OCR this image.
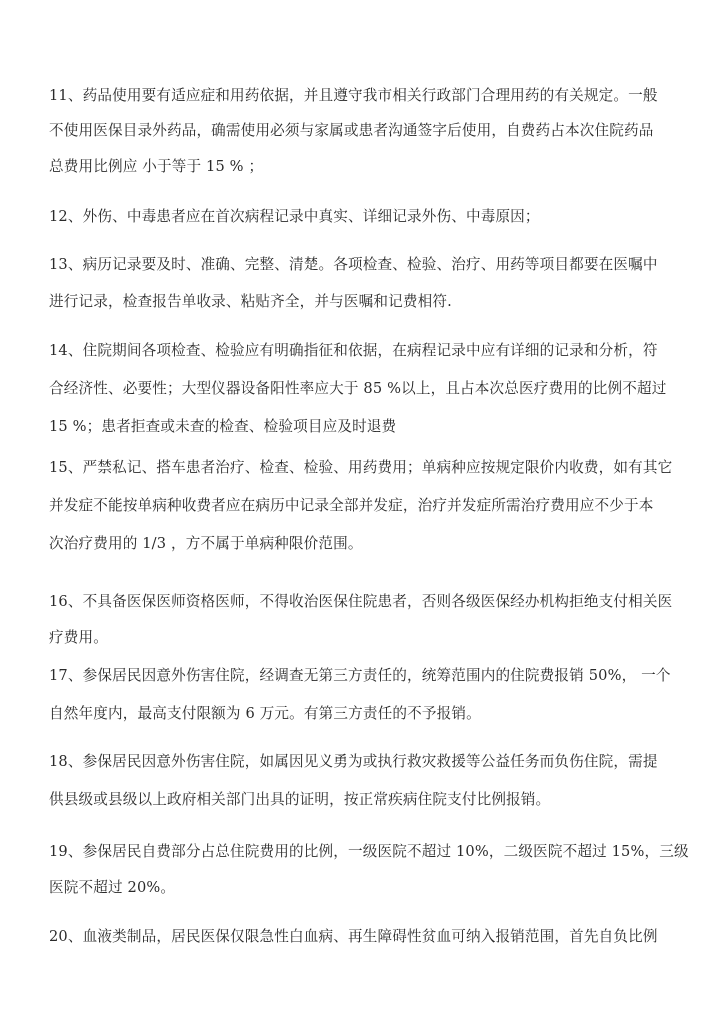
11、药品使用要有适应症和用药依据，并且遵守我市相关行政部门合理用药的有关规定。一般
不使用医保目录外药品，确需使用必须与家属或患者沟通签字后使用，自费药占本次住院药品
总费用比例应 小于等于 15 % ；
12、外伤、中毒患者应在首次病程记录中真实、详细记录外伤、中毒原因；
13、病历记录要及时、准确、完整、清楚。各项检查、检验、治疗、用药等项目都要在医嘱中
进行记录，检查报告单收录、粘贴齐全，并与医嘱和记费相符.
14、住院期间各项检查、检验应有明确指征和依据，在病程记录中应有详细的记录和分析，符
合经济性、必要性；大型仪器设备阳性率应大于 85 %以上，且占本次总医疗费用的比例不超过
15 %；患者拒查或未查的检查、检验项目应及时退费
15、严禁私记、搭车患者治疗、检查、检验、用药费用；单病种应按规定限价内收费，如有其它
并发症不能按单病种收费者应在病历中记录全部并发症，治疗并发症所需治疗费用应不少于本
次治疗费用的 1/3 ，方不属于单病种限价范围。
16、不具备医保医师资格医师，不得收治医保住院患者，否则各级医保经办机构拒绝支付相关医
疗费用。
17、参保居民因意外伤害住院，经调查无第三方责任的，统筹范围内的住院费报销 50%， 一个
自然年度内，最高支付限额为 6 万元。有第三方责任的不予报销。
18、参保居民因意外伤害住院，如属因见义勇为或执行救灾救援等公益任务而负伤住院，需提
供县级或县级以上政府相关部门出具的证明，按正常疾病住院支付比例报销。
19、参保居民自费部分占总住院费用的比例，一级医院不超过 10%，二级医院不超过 15%，三级
医院不超过 20%。
20、血液类制品，居民医保仅限急性白血病、再生障碍性贫血可纳入报销范围，首先自负比例
